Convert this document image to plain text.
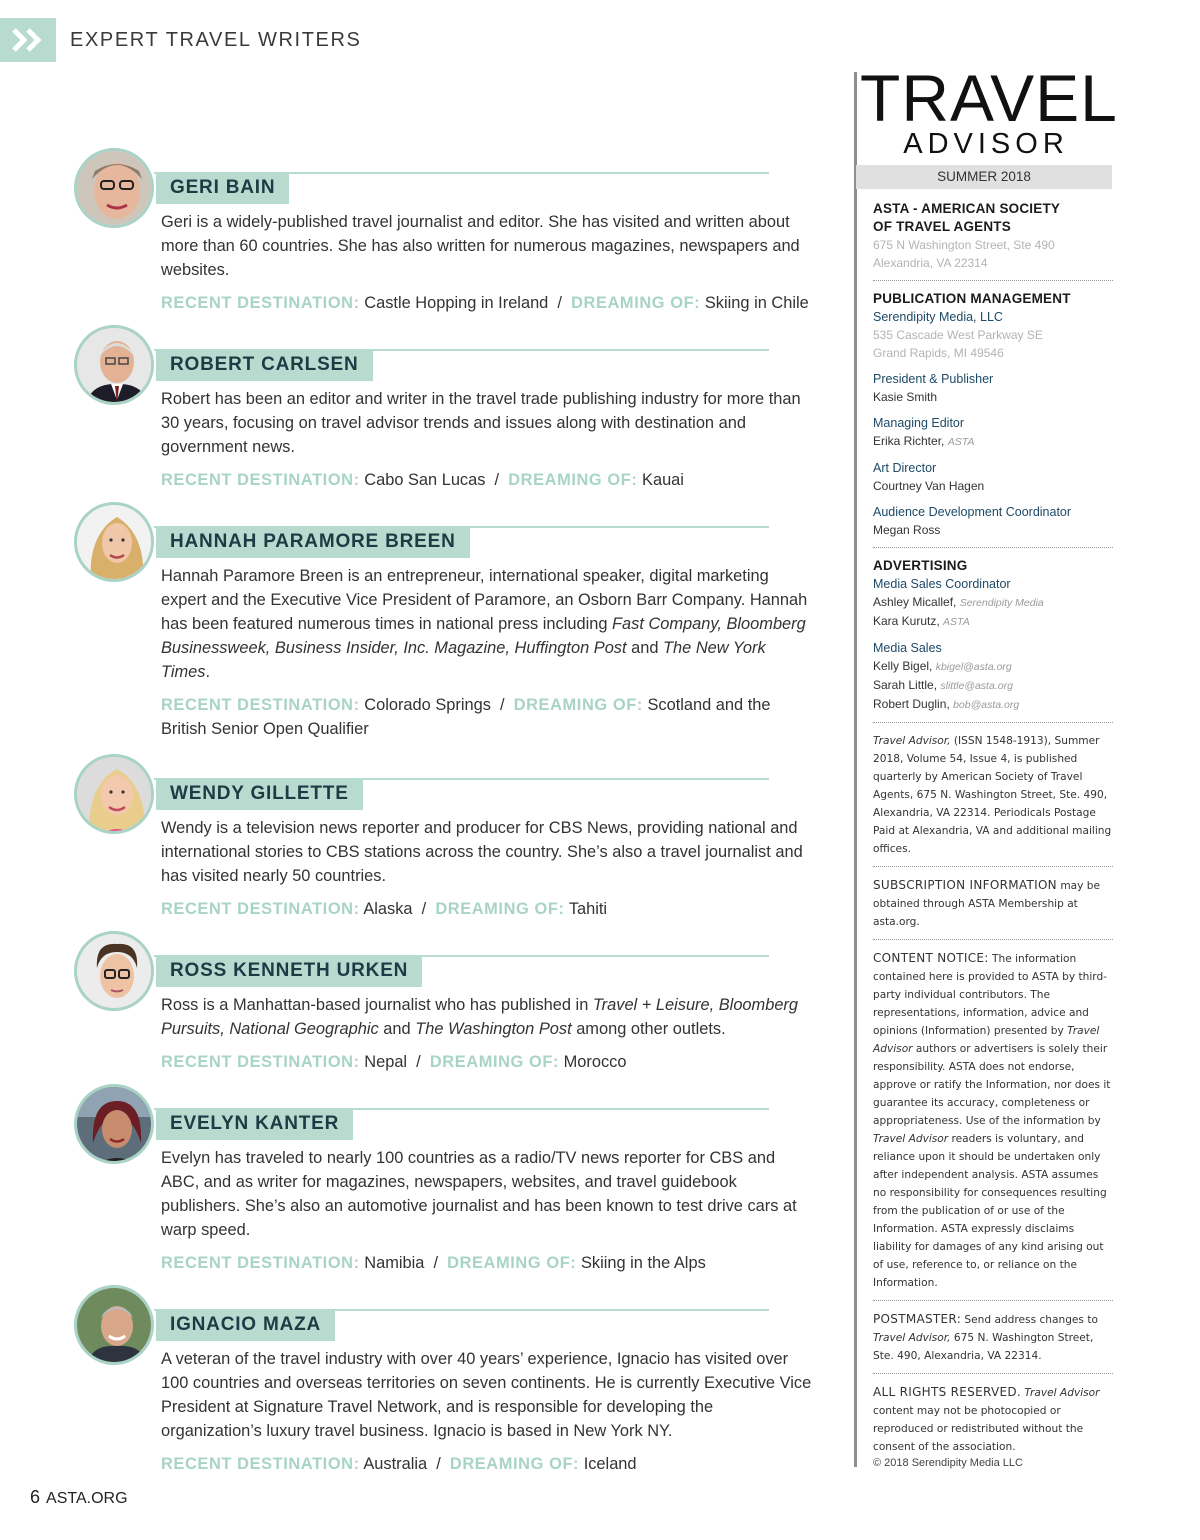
EXPERT TRAVEL WRITERS
GERI BAIN
Geri is a widely-published travel journalist and editor. She has visited and written about more than 60 countries. She has also written for numerous magazines, newspapers and websites.
RECENT DESTINATION: Castle Hopping in Ireland  /  DREAMING OF: Skiing in Chile
ROBERT CARLSEN
Robert has been an editor and writer in the travel trade publishing industry for more than 30 years, focusing on travel advisor trends and issues along with destination and government news.
RECENT DESTINATION: Cabo San Lucas  /  DREAMING OF: Kauai
HANNAH PARAMORE BREEN
Hannah Paramore Breen is an entrepreneur, international speaker, digital marketing expert and the Executive Vice President of Paramore, an Osborn Barr Company. Hannah has been featured numerous times in national press including Fast Company, Bloomberg Businessweek, Business Insider, Inc. Magazine, Huffington Post and The New York Times.
RECENT DESTINATION: Colorado Springs  /  DREAMING OF: Scotland and the British Senior Open Qualifier
WENDY GILLETTE
Wendy is a television news reporter and producer for CBS News, providing national and international stories to CBS stations across the country. She’s also a travel journalist and has visited nearly 50 countries.
RECENT DESTINATION: Alaska  /  DREAMING OF: Tahiti
ROSS KENNETH URKEN
Ross is a Manhattan-based journalist who has published in Travel + Leisure, Bloomberg Pursuits, National Geographic and The Washington Post among other outlets.
RECENT DESTINATION: Nepal  /  DREAMING OF: Morocco
EVELYN KANTER
Evelyn has traveled to nearly 100 countries as a radio/TV news reporter for CBS and ABC, and as writer for magazines, newspapers, websites, and travel guidebook publishers. She’s also an automotive journalist and has been known to test drive cars at warp speed.
RECENT DESTINATION: Namibia  /  DREAMING OF: Skiing in the Alps
IGNACIO MAZA
A veteran of the travel industry with over 40 years’ experience, Ignacio has visited over 100 countries and overseas territories on seven continents. He is currently Executive Vice President at Signature Travel Network, and is responsible for developing the organization’s luxury travel business. Ignacio is based in New York NY.
RECENT DESTINATION: Australia  /  DREAMING OF: Iceland
TRAVEL
ADVISOR
SUMMER 2018
ASTA - AMERICAN SOCIETY
OF TRAVEL AGENTS
675 N Washington Street, Ste 490
Alexandria, VA 22314
PUBLICATION MANAGEMENT
Serendipity Media, LLC
535 Cascade West Parkway SE
Grand Rapids, MI 49546
President & Publisher
Kasie Smith
Managing Editor
Erika Richter, ASTA
Art Director
Courtney Van Hagen
Audience Development Coordinator
Megan Ross
ADVERTISING
Media Sales Coordinator
Ashley Micallef, Serendipity Media
Kara Kurutz, ASTA
Media Sales
Kelly Bigel, kbigel@asta.org
Sarah Little, slittle@asta.org
Robert Duglin, bob@asta.org
Travel Advisor, (ISSN 1548-1913), Summer 2018, Volume 54, Issue 4, is published quarterly by American Society of Travel Agents, 675 N. Washington Street, Ste. 490, Alexandria, VA 22314. Periodicals Postage Paid at Alexandria, VA and additional mailing offices.
SUBSCRIPTION INFORMATION may be obtained through ASTA Membership at asta.org.
CONTENT NOTICE: The information contained here is provided to ASTA by third-party individual contributors. The representations, information, advice and opinions (Information) presented by Travel Advisor authors or advertisers is solely their responsibility. ASTA does not endorse, approve or ratify the Information, nor does it guarantee its accuracy, completeness or appropriateness. Use of the information by Travel Advisor readers is voluntary, and reliance upon it should be undertaken only after independent analysis. ASTA assumes no responsibility for consequences resulting from the publication of or use of the Information. ASTA expressly disclaims liability for damages of any kind arising out of use, reference to, or reliance on the Information.
POSTMASTER: Send address changes to Travel Advisor, 675 N. Washington Street, Ste. 490, Alexandria, VA 22314.
ALL RIGHTS RESERVED. Travel Advisor content may not be photocopied or reproduced or redistributed without the consent of the association.
© 2018 Serendipity Media LLC
6 ASTA.ORG
